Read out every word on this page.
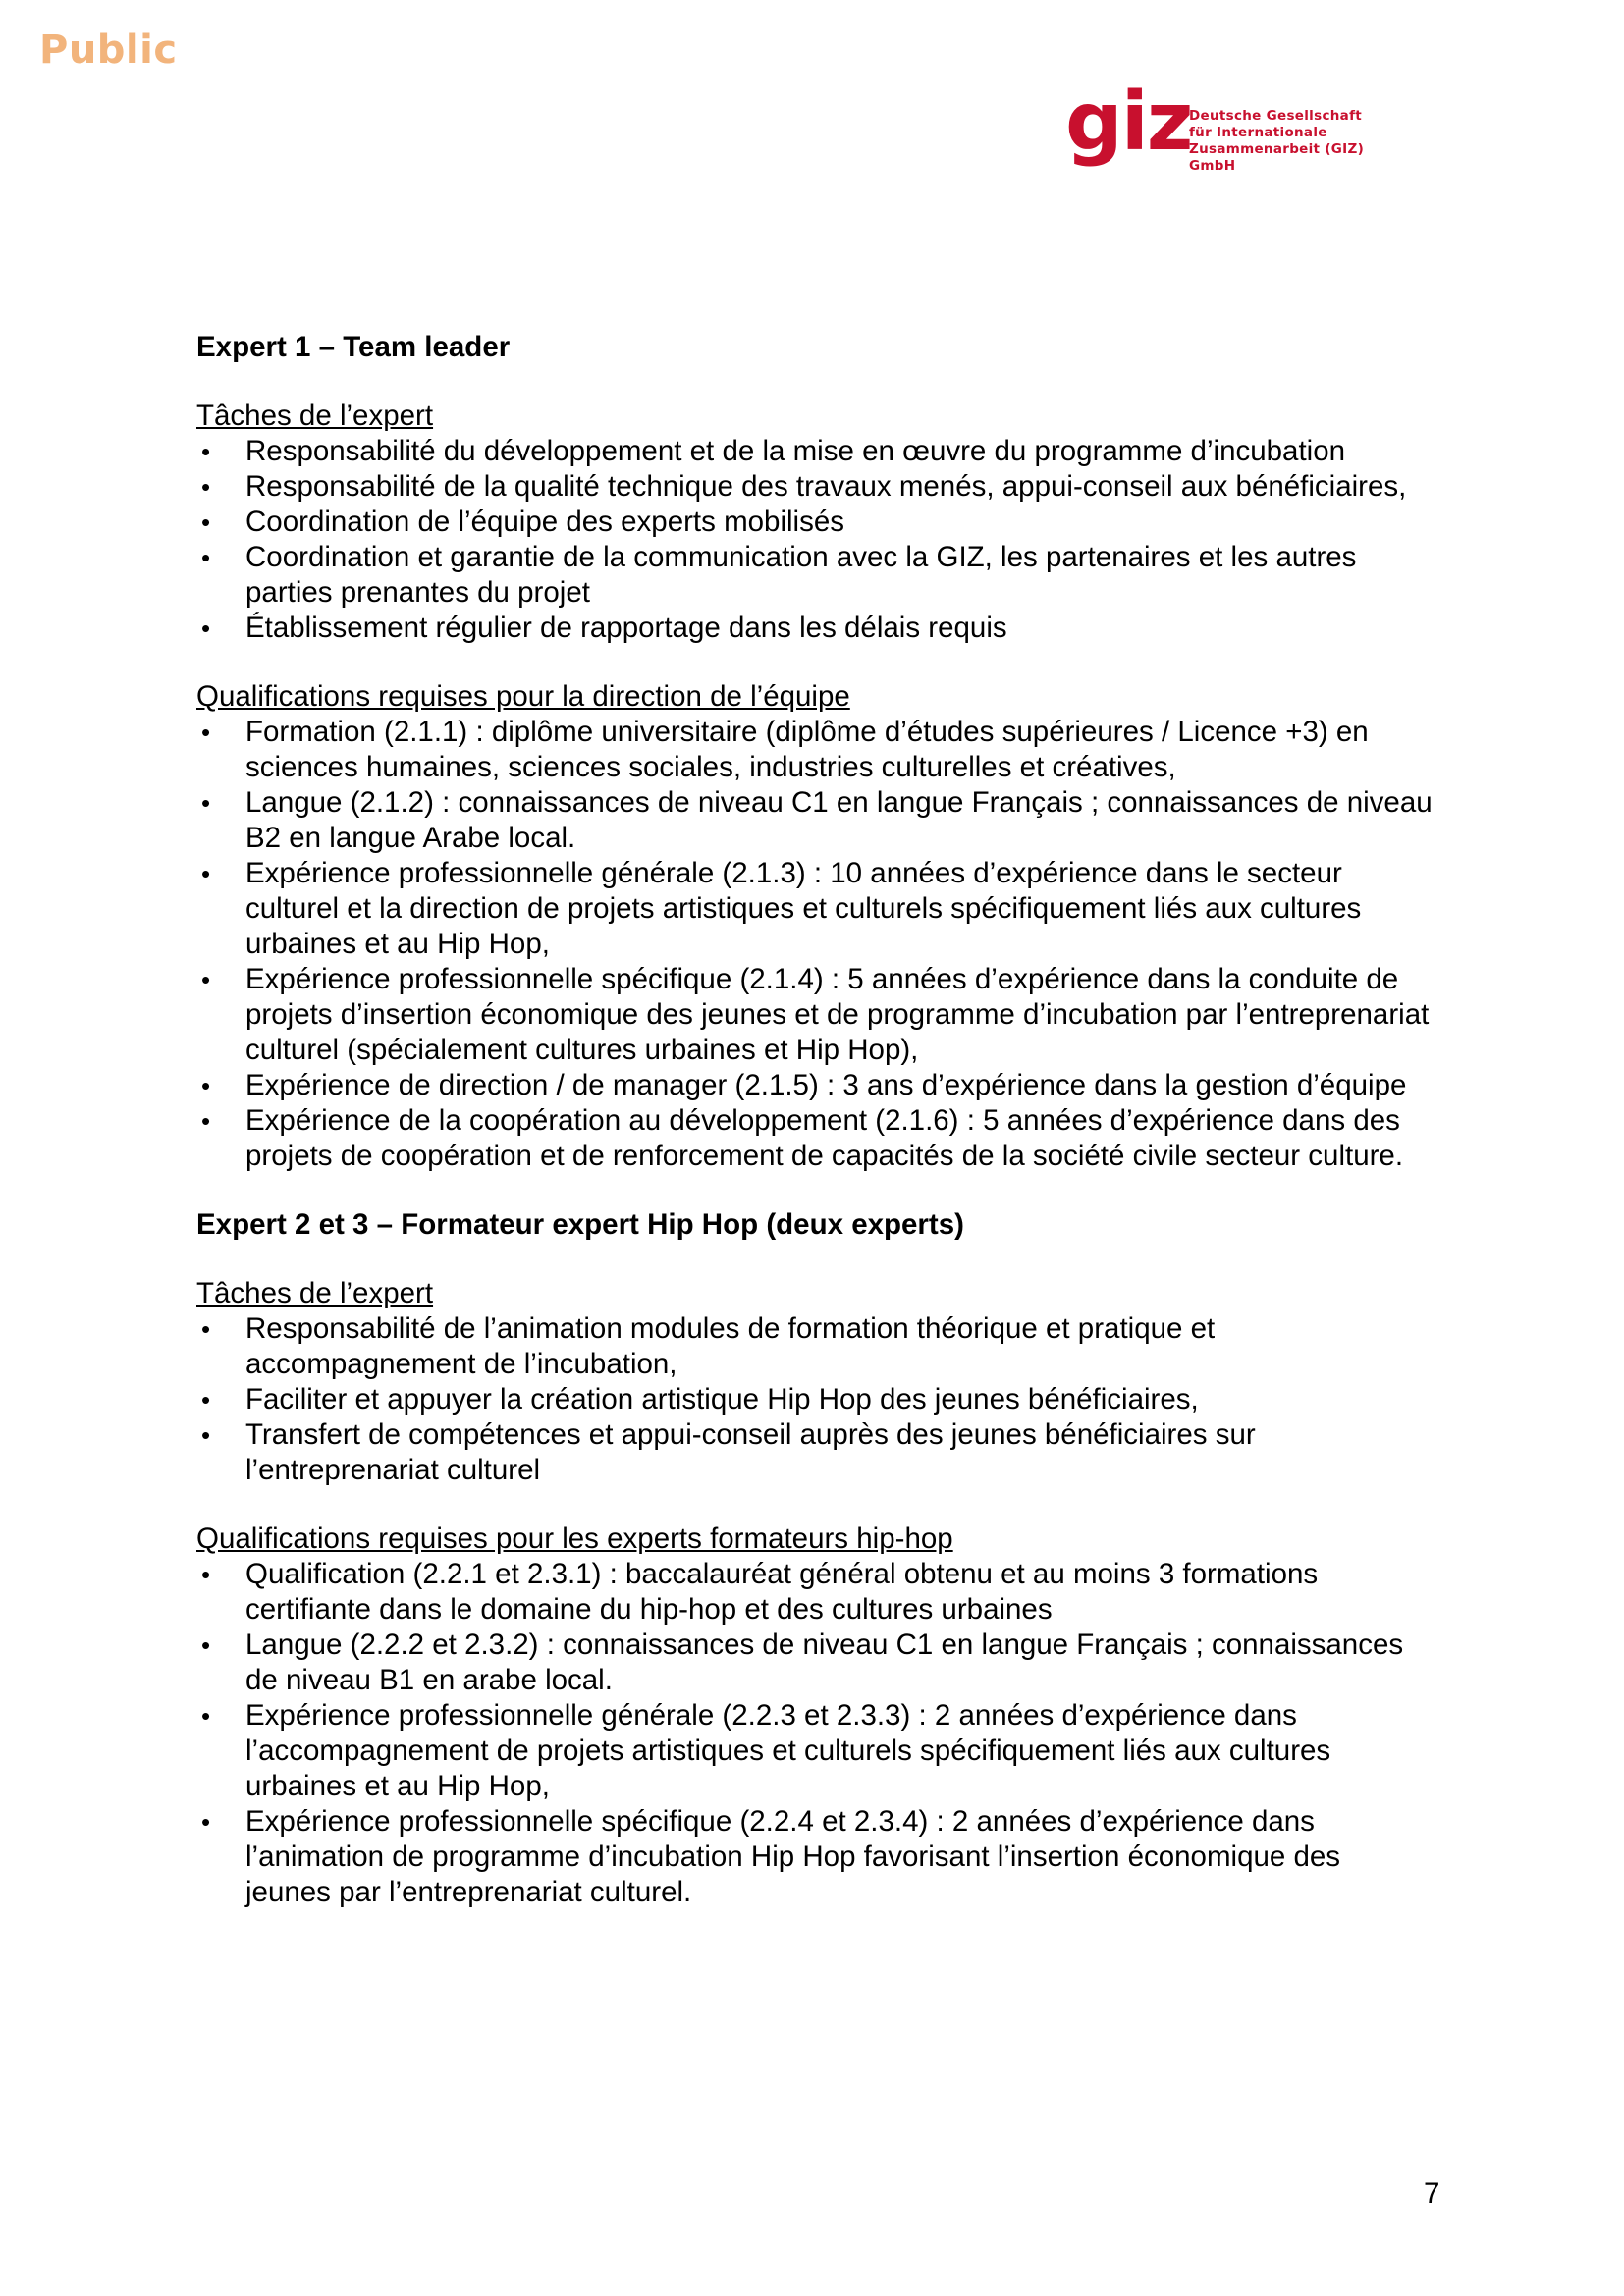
Public
giz
Deutsche Gesellschaft
für Internationale
Zusammenarbeit (GIZ) GmbH

Expert 1 – Team leader

Tâches de l’expert

• Responsabilité du développement et de la mise en œuvre du programme d’incubation
• Responsabilité de la qualité technique des travaux menés, appui-conseil aux bénéficiaires,
• Coordination de l’équipe des experts mobilisés
• Coordination et garantie de la communication avec la GIZ, les partenaires et les autres parties prenantes du projet
• Établissement régulier de rapportage dans les délais requis

Qualifications requises pour la direction de l’équipe

• Formation (2.1.1) : diplôme universitaire (diplôme d’études supérieures / Licence +3) en sciences humaines, sciences sociales, industries culturelles et créatives,
• Langue (2.1.2) : connaissances de niveau C1 en langue Français ; connaissances de niveau B2 en langue Arabe local.
• Expérience professionnelle générale (2.1.3) : 10 années d’expérience dans le secteur culturel et la direction de projets artistiques et culturels spécifiquement liés aux cultures urbaines et au Hip Hop,
• Expérience professionnelle spécifique (2.1.4) : 5 années d’expérience dans la conduite de projets d’insertion économique des jeunes et de programme d’incubation par l’entreprenariat culturel (spécialement cultures urbaines et Hip Hop),
• Expérience de direction / de manager (2.1.5) : 3 ans d’expérience dans la gestion d’équipe
• Expérience de la coopération au développement (2.1.6) : 5 années d’expérience dans des projets de coopération et de renforcement de capacités de la société civile secteur culture.

Expert 2 et 3 – Formateur expert Hip Hop (deux experts)

Tâches de l’expert

• Responsabilité de l’animation modules de formation théorique et pratique et accompagnement de l’incubation,
• Faciliter et appuyer la création artistique Hip Hop des jeunes bénéficiaires,
• Transfert de compétences et appui-conseil auprès des jeunes bénéficiaires sur l’entreprenariat culturel

Qualifications requises pour les experts formateurs hip-hop

• Qualification (2.2.1 et 2.3.1) : baccalauréat général obtenu et au moins 3 formations certifiante dans le domaine du hip-hop et des cultures urbaines
• Langue (2.2.2 et 2.3.2) : connaissances de niveau C1 en langue Français ; connaissances de niveau B1 en arabe local.
• Expérience professionnelle générale (2.2.3 et 2.3.3) : 2 années d’expérience dans l’accompagnement de projets artistiques et culturels spécifiquement liés aux cultures urbaines et au Hip Hop,
• Expérience professionnelle spécifique (2.2.4 et 2.3.4) : 2 années d’expérience dans l’animation de programme d’incubation Hip Hop favorisant l’insertion économique des jeunes par l’entreprenariat culturel.
7
